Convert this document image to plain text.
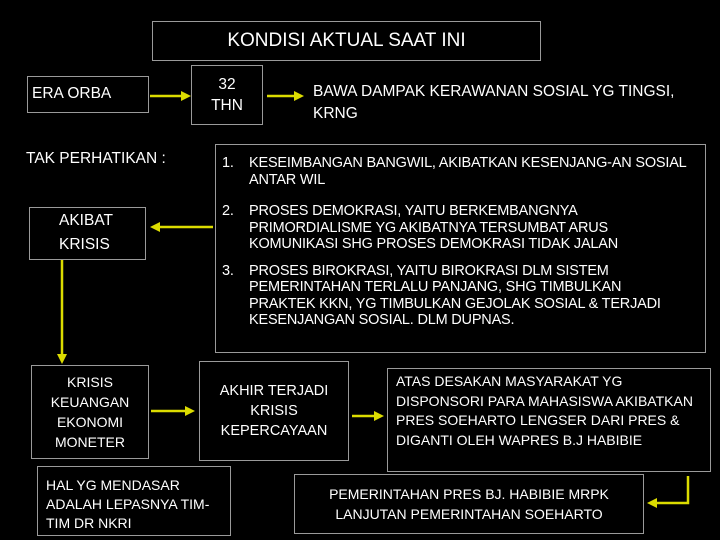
KONDISI AKTUAL SAAT INI
ERA ORBA
32 THN
BAWA DAMPAK KERAWANAN SOSIAL YG TINGSI, KRNG
TAK PERHATIKAN :
AKIBAT KRISIS
1. KESEIMBANGAN BANGWIL, AKIBATKAN KESENJANG-AN SOSIAL ANTAR WIL
2. PROSES DEMOKRASI, YAITU BERKEMBANGNYA PRIMORDIALISME YG AKIBATNYA TERSUMBAT ARUS KOMUNIKASI SHG PROSES DEMOKRASI TIDAK JALAN
3. PROSES BIROKRASI, YAITU BIROKRASI DLM SISTEM PEMERINTAHAN TERLALU PANJANG, SHG TIMBULKAN PRAKTEK KKN, YG TIMBULKAN GEJOLAK SOSIAL & TERJADI KESENJANGAN SOSIAL. DLM DUPNAS.
KRISIS KEUANGAN EKONOMI MONETER
AKHIR TERJADI KRISIS KEPERCAYAAN
ATAS DESAKAN MASYARAKAT YG DISPONSORI PARA MAHASISWA AKIBATKAN PRES SOEHARTO LENGSER DARI PRES & DIGANTI OLEH WAPRES B.J HABIBIE
HAL YG MENDASAR ADALAH LEPASNYA TIM-TIM DR NKRI
PEMERINTAHAN PRES BJ. HABIBIE MRPK LANJUTAN PEMERINTAHAN SOEHARTO
